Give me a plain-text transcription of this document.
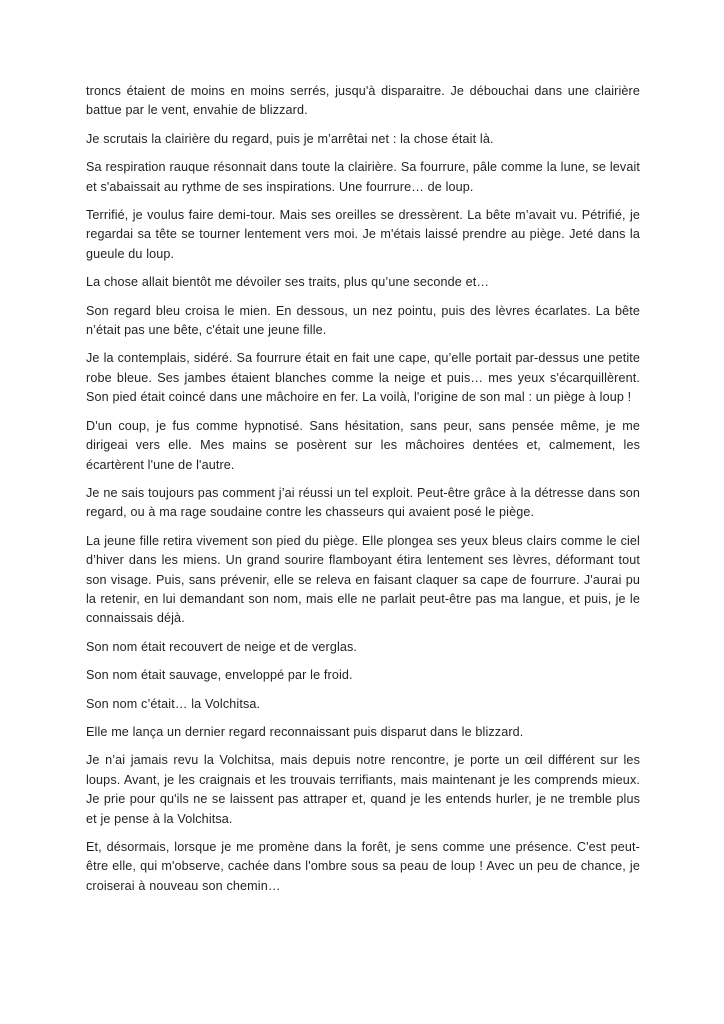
troncs étaient de moins en moins serrés, jusqu'à disparaitre. Je débouchai dans une clairière battue par le vent, envahie de blizzard.

Je scrutais la clairière du regard, puis je m’arrêtai net : la chose était là.

Sa respiration rauque résonnait dans toute la clairière. Sa fourrure, pâle comme la lune, se levait et s'abaissait au rythme de ses inspirations. Une fourrure… de loup.

Terrifié, je voulus faire demi-tour. Mais ses oreilles se dressèrent. La bête m’avait vu. Pétrifié, je regardai sa tête se tourner lentement vers moi. Je m'étais laissé prendre au piège. Jeté dans la gueule du loup.

La chose allait bientôt me dévoiler ses traits, plus qu’une seconde et…

Son regard bleu croisa le mien. En dessous, un nez pointu, puis des lèvres écarlates. La bête n’était pas une bête, c'était une jeune fille.

Je la contemplais, sidéré. Sa fourrure était en fait une cape, qu’elle portait par-dessus une petite robe bleue. Ses jambes étaient blanches comme la neige et puis… mes yeux s'écarquillèrent. Son pied était coincé dans une mâchoire en fer. La voilà, l'origine de son mal : un piège à loup !

D'un coup, je fus comme hypnotisé. Sans hésitation, sans peur, sans pensée même, je me dirigeai vers elle. Mes mains se posèrent sur les mâchoires dentées et, calmement, les écartèrent l'une de l'autre.

Je ne sais toujours pas comment j’ai réussi un tel exploit. Peut-être grâce à la détresse dans son regard, ou à ma rage soudaine contre les chasseurs qui avaient posé le piège.

La jeune fille retira vivement son pied du piège. Elle plongea ses yeux bleus clairs comme le ciel d’hiver dans les miens. Un grand sourire flamboyant étira lentement ses lèvres, déformant tout son visage. Puis, sans prévenir, elle se releva en faisant claquer sa cape de fourrure. J'aurai pu la retenir, en lui demandant son nom, mais elle ne parlait peut-être pas ma langue, et puis, je le connaissais déjà.

Son nom était recouvert de neige et de verglas.

Son nom était sauvage, enveloppé par le froid.

Son nom c’était… la Volchitsa.

Elle me lança un dernier regard reconnaissant puis disparut dans le blizzard.

Je n’ai jamais revu la Volchitsa, mais depuis notre rencontre, je porte un œil différent sur les loups. Avant, je les craignais et les trouvais terrifiants, mais maintenant je les comprends mieux. Je prie pour qu'ils ne se laissent pas attraper et, quand je les entends hurler, je ne tremble plus et je pense à la Volchitsa.

Et, désormais, lorsque je me promène dans la forêt, je sens comme une présence. C'est peut-être elle, qui m'observe, cachée dans l'ombre sous sa peau de loup ! Avec un peu de chance, je croiserai à nouveau son chemin…
